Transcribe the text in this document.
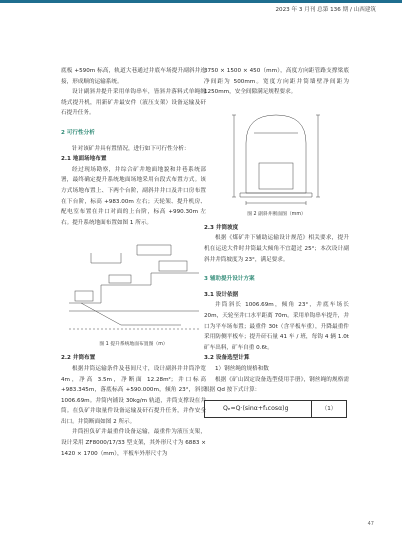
2023 年 3 月刊 总第 136 期 / 山西建筑

底板 +590m 标高，轨道大巷通过井底车场提升副斜井连接，形成顺的运输系统。

设计副斜井提升采用单钩串车，皆斜井落料式单绳缠绕式提升机，用新矿井最安件（液压支架）设备运输及矸石提升任务。

2 可行性分析

针对该矿井具有置情况，进行如下可行性分析：

2.1 地面场地布置

经过现场勘察，井综合矿井地面地貌和井巷系统部署，最终确定提升系统地面场地采用台段式布置方式。该方式场地布置上、下两个台阶，副斜井井口及井口房布置在下台阶，标高 +983.00m 左右；天轮架、提升机房、配电室布置在井口对面的上台阶，标高 +990.30m 左右。提升系统地面布置如图 1 所示。

图 1 提升系统地面布置图（m）
2.2 井筒布置

根据井筒运输条件及巷间尺寸，设计副斜井井筒净宽 4m，净高 3.5m，净断面 12.28m²；井口标高 +983.345m，落底标高 +590.000m，倾角 23°，斜长 1006.69m。井筒内铺设 30kg/m 轨道，井筒支撑设在井筒。在负矿井取量件设备运输及矸石提升任务，并作安全出口。井筒断面如图 2 所示。

井筒担负矿井最重件设备运输，最重件为液压支架，设计采用 ZF8000/17/33 型支架，其外形尺寸为 6883 × 1420 × 1700（mm），平板车外形尺寸为

3750 × 1500 × 450（mm），高度方向距管路支撑梁底净间距为 500mm。宽度方向距井筒墙壁净间距为 1250mm，安全间隙满足规程要求。

图 2 副斜井断面图（mm）
2.3 井筒坡度

根据《煤矿井下辅助运输设计规范》相关要求，提升机在运送大件时井筒最大倾角不宜超过 25°；本次设计副斜井井筒坡度为 23°，满足要求。

3 辅助提升设计方案
3.1 设计依据

井筒斜长 1006.69m，倾角 23°，井底车场长 20m，天轮至井口水平距离 70m。采用单钩串车提升，井口为平车场布置；最重件 30t（含平板车重），升降最重件采用防侧平板车；提升矸石量 41 车 / 班，每钩 4 辆 1.0t 矿车出料，矿车自重 0.6t。

3.2 设备选型计算

1）钢丝绳的规格和数

根据《矿山固定设备选型使用手册》，钢丝绳的规格需根据 Qd 按下式计算：

Qₑ=Q·(sinα+f₁cosα)g	（1）
47
